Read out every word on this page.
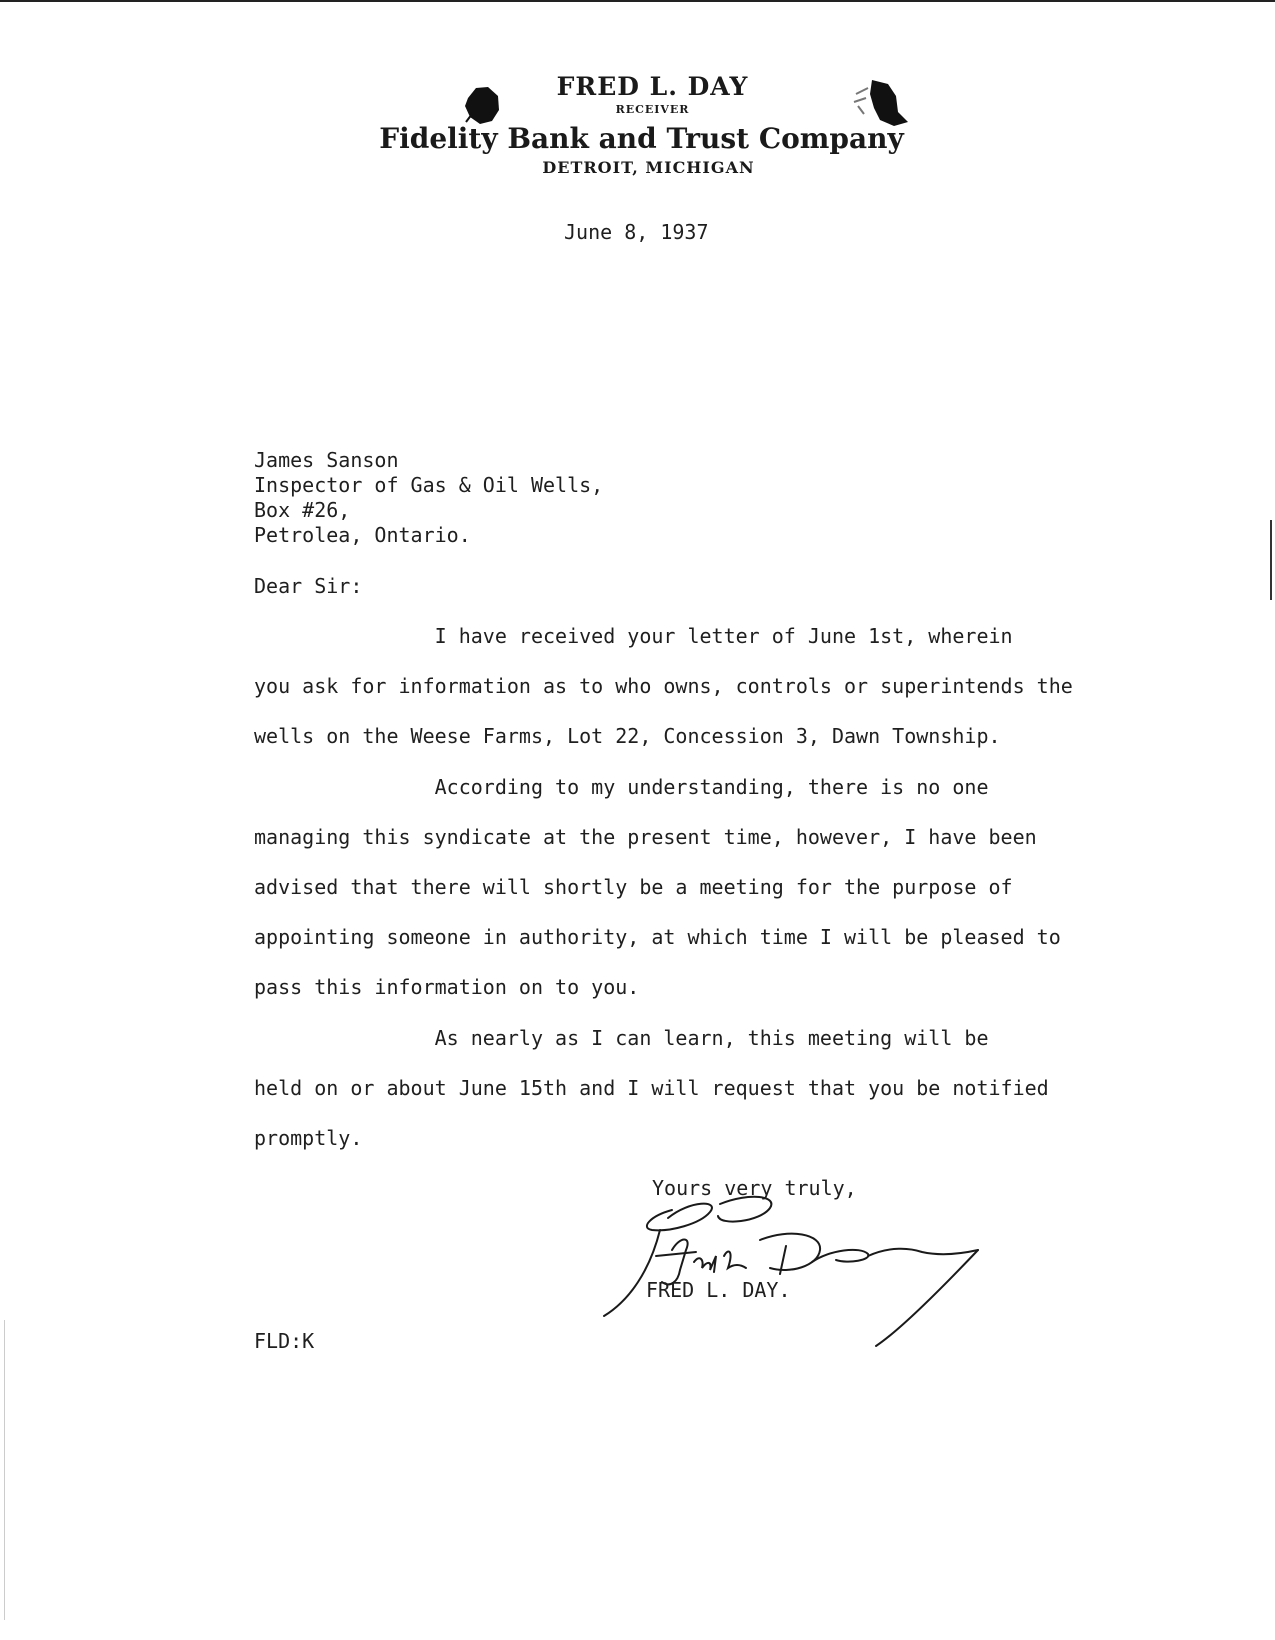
FRED L. DAY
RECEIVER
Fidelity Bank and Trust Company
DETROIT, MICHIGAN
June 8, 1937
James Sanson
Inspector of Gas & Oil Wells,
Box #26,
Petrolea, Ontario.
Dear Sir:
I have received your letter of June 1st, wherein
you ask for information as to who owns, controls or superintends the
wells on the Weese Farms, Lot 22, Concession 3, Dawn Township.
According to my understanding, there is no one
managing this syndicate at the present time, however, I have been
advised that there will shortly be a meeting for the purpose of
appointing someone in authority, at which time I will be pleased to
pass this information on to you.
As nearly as I can learn, this meeting will be
held on or about June 15th and I will request that you be notified
promptly.
Yours very truly,
FRED L. DAY.
FLD:K
